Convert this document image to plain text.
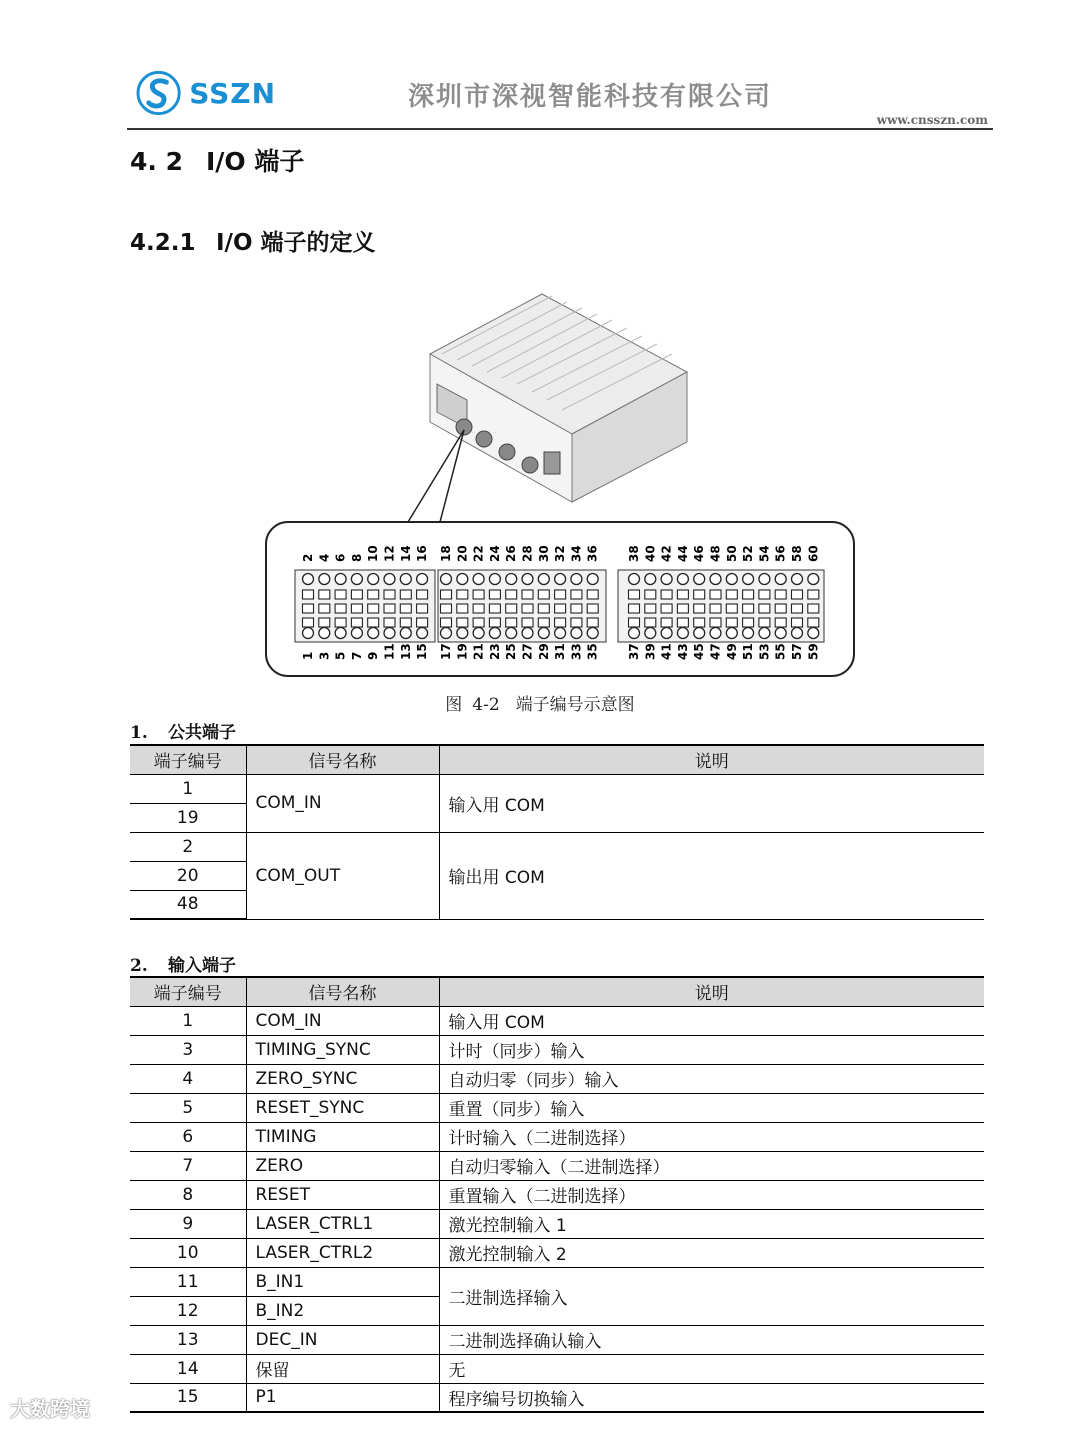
SSZN	深圳市深视智能科技有限公司
www.cnsszn.com
4. 2 I/O 端子
4.2.1 I/O 端子的定义
2
1
4
3
6
5
8
7
10
9
12
11
14
13
16
15
18
17
20
19
22
21
24
23
26
25
28
27
30
29
32
31
34
33
36
35
38
37
40
39
42
41
44
43
46
45
48
47
50
49
52
51
54
53
56
55
58
57
60
59
图 4-2 端子编号示意图
1. 公共端子
端子编号	信号名称	说明
1	COM_IN	输入用 COM
19		
2	COM_OUT	输出用 COM
20		
48		
2. 输入端子
端子编号	信号名称	说明
1	COM_IN	输入用 COM
3	TIMING_SYNC	计时（同步）输入
4	ZERO_SYNC	自动归零（同步）输入
5	RESET_SYNC	重置（同步）输入
6	TIMING	计时输入（二进制选择）
7	ZERO	自动归零输入（二进制选择）
8	RESET	重置输入（二进制选择）
9	LASER_CTRL1	激光控制输入 1
10	LASER_CTRL2	激光控制输入 2
11	B_IN1	二进制选择输入
12	B_IN2	
13	DEC_IN	二进制选择确认输入
14	保留	无
15	P1	程序编号切换输入
大数跨境
